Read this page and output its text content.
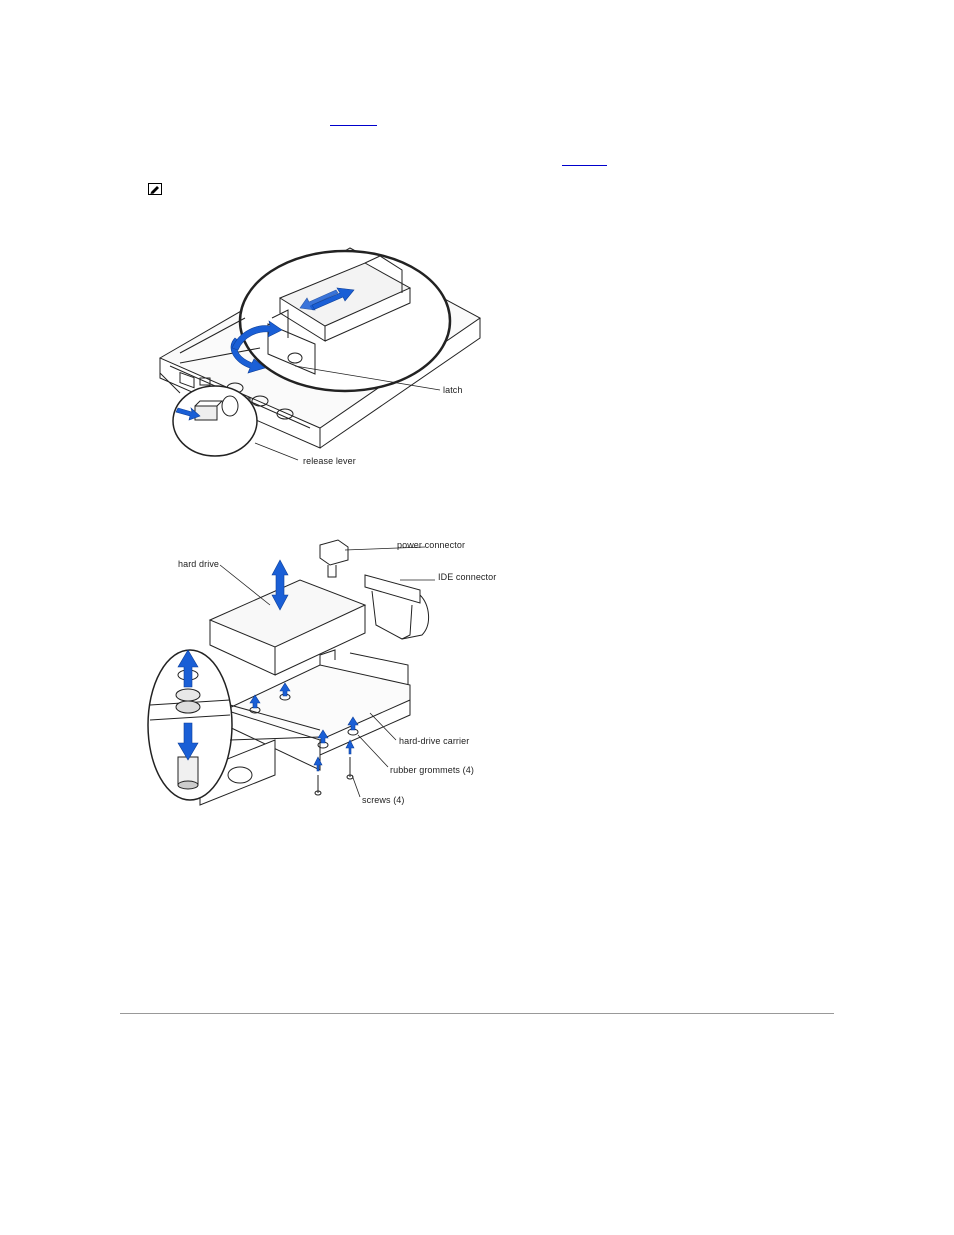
latch
release lever
hard drive
power connector
IDE connector
hard-drive carrier
rubber grommets (4)
screws (4)
